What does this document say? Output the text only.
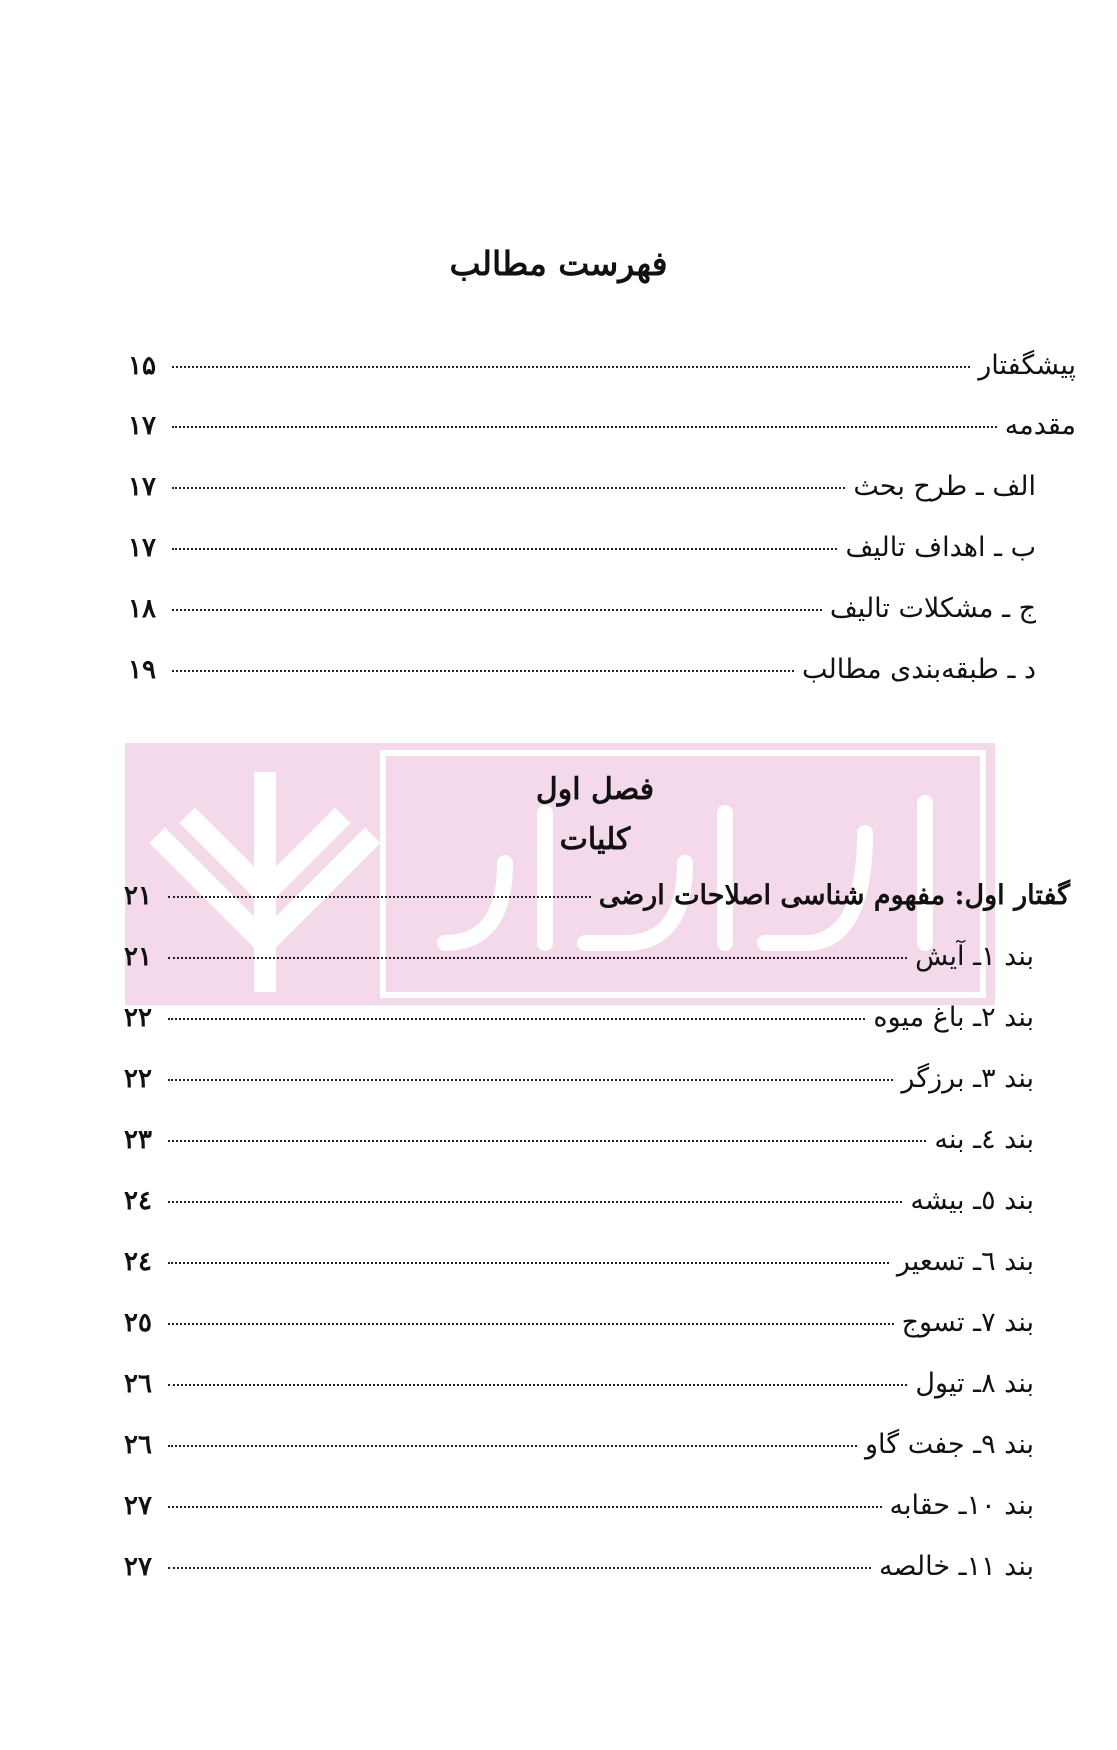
فهرست مطالب
فصل اول
کلیات
پیشگفتار
۱۵
مقدمه
۱۷
الف ـ طرح بحث
۱۷
ب ـ اهداف تالیف
۱۷
ج ـ مشکلات تالیف
۱۸
د ـ طبقه‌بندی مطالب
۱۹
گفتار اول: مفهوم شناسی اصلاحات ارضی
۲۱
بند ۱ـ آیش
۲۱
بند ۲ـ باغ میوه
۲۲
بند ۳ـ برزگر
۲۲
بند ٤ـ بنه
۲۳
بند ٥ـ بیشه
۲٤
بند ٦ـ تسعیر
۲٤
بند ۷ـ تسوج
۲٥
بند ۸ـ تیول
۲٦
بند ۹ـ جفت گاو
۲٦
بند ۱۰ـ حقابه
۲۷
بند ۱۱ـ خالصه
۲۷
